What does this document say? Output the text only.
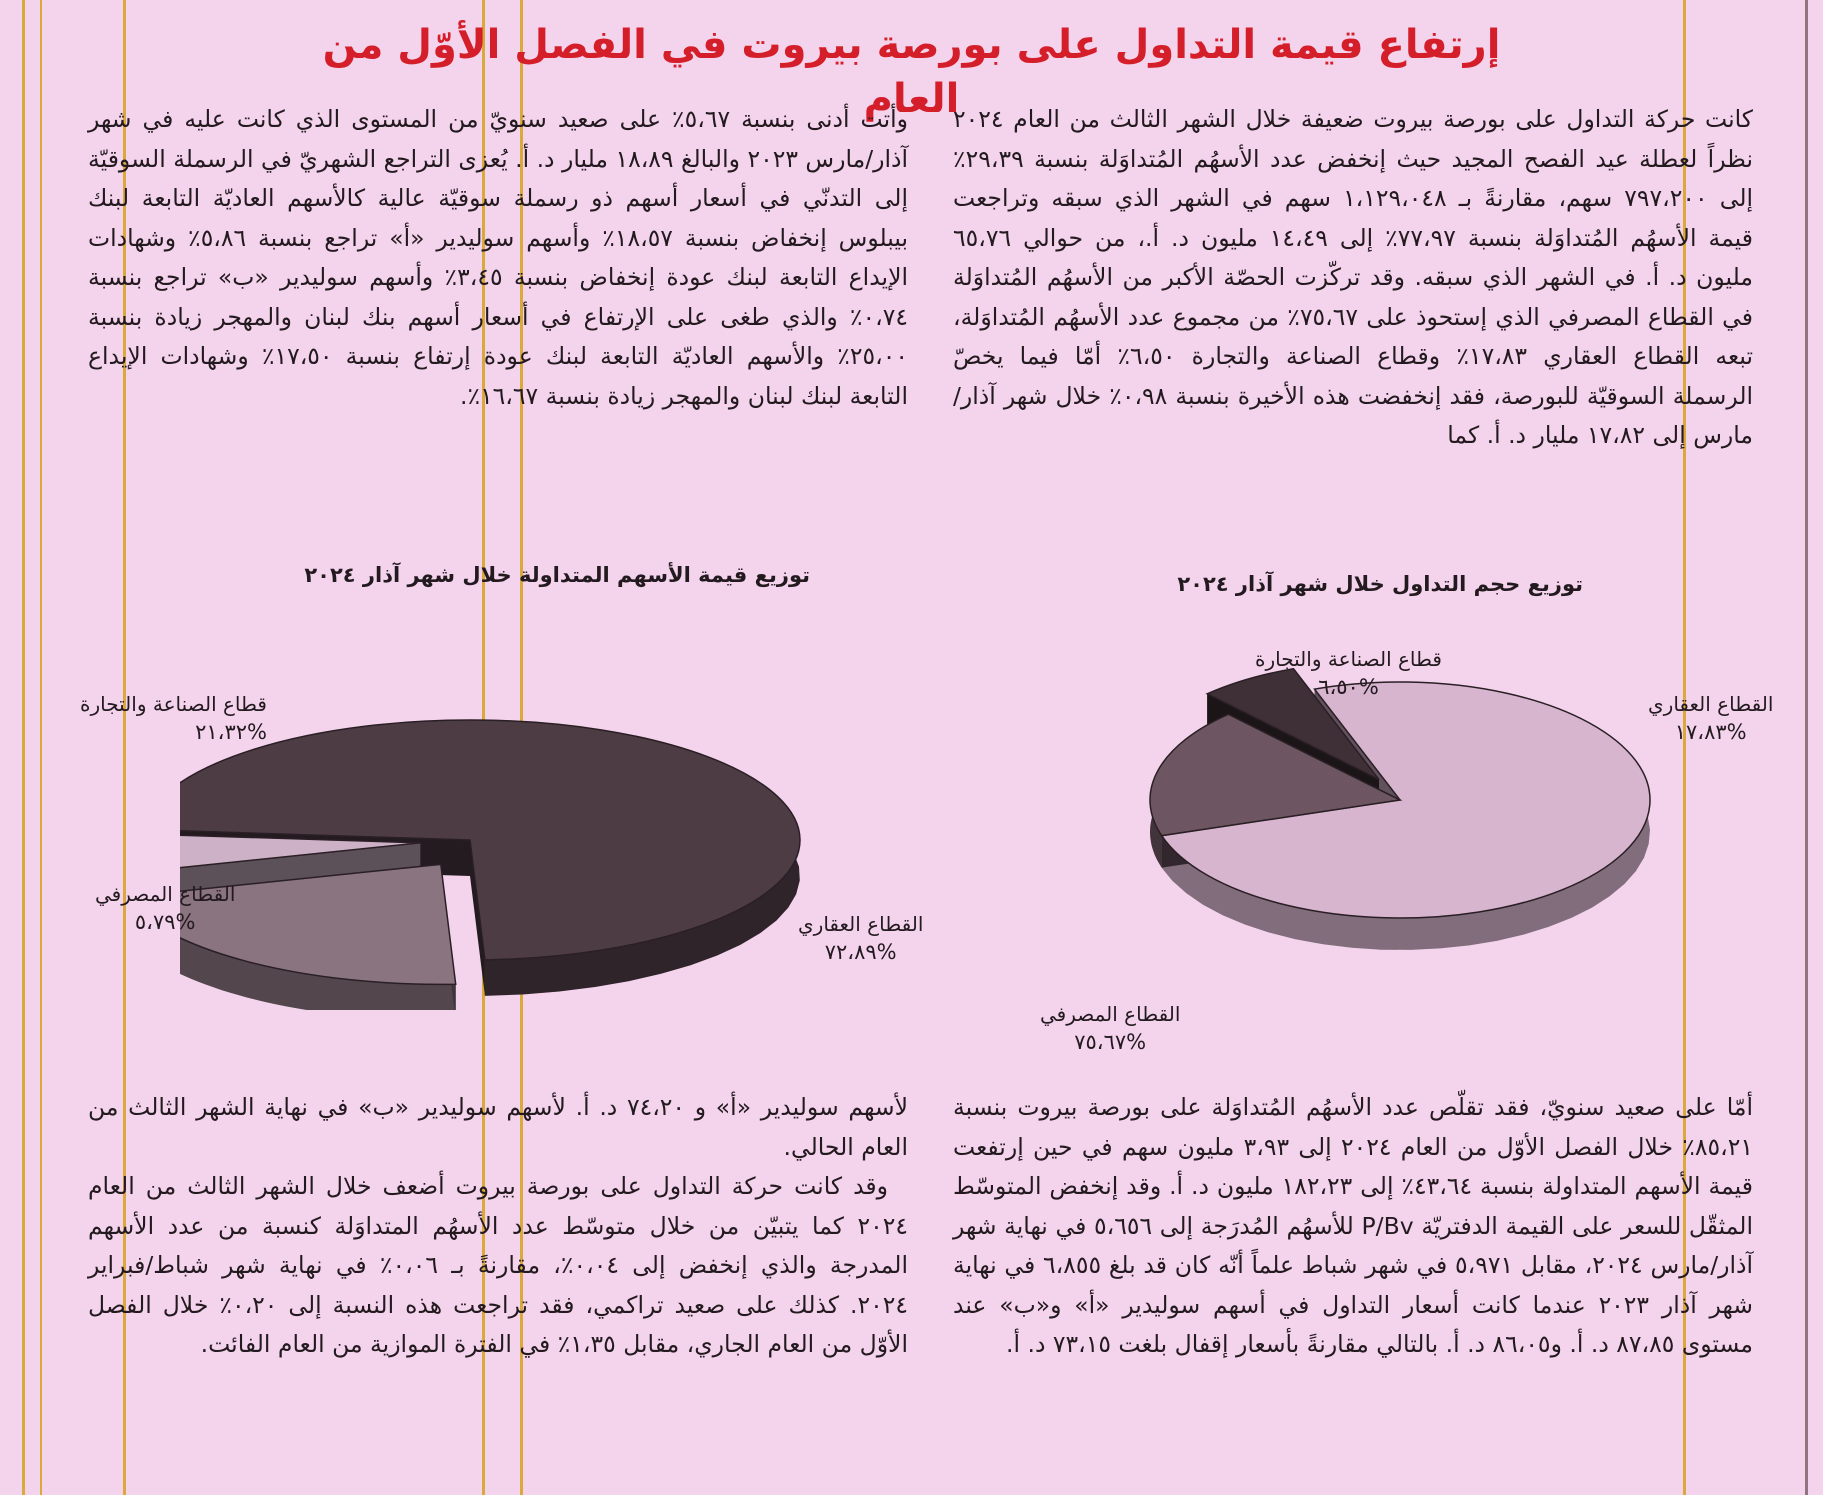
إرتفاع قيمة التداول على بورصة بيروت في الفصل الأوّل من العام

كانت حركة التداول على بورصة بيروت ضعيفة خلال الشهر الثالث من العام ٢٠٢٤ نظراً لعطلة عيد الفصح المجيد حيث إنخفض عدد الأسهُم المُتداوَلة بنسبة ٢٩،٣٩٪ إلى ٧٩٧،٢٠٠ سهم، مقارنةً بـ ١،١٢٩،٠٤٨ سهم في الشهر الذي سبقه وتراجعت قيمة الأسهُم المُتداوَلة بنسبة ٧٧،٩٧٪ إلى ١٤،٤٩ مليون د. أ.، من حوالي ٦٥،٧٦ مليون د. أ. في الشهر الذي سبقه. وقد تركّزت الحصّة الأكبر من الأسهُم المُتداوَلة في القطاع المصرفي الذي إستحوذ على ٧٥،٦٧٪ من مجموع عدد الأسهُم المُتداوَلة، تبعه القطاع العقاري ١٧،٨٣٪ وقطاع الصناعة والتجارة ٦،٥٠٪ أمّا فيما يخصّ الرسملة السوقيّة للبورصة، فقد إنخفضت هذه الأخيرة بنسبة ٠،٩٨٪ خلال شهر آذار/مارس إلى ١٧،٨٢ مليار د. أ. كما

وأتت أدنى بنسبة ٥،٦٧٪ على صعيد سنويّ من المستوى الذي كانت عليه في شهر آذار/مارس ٢٠٢٣ والبالغ ١٨،٨٩ مليار د. أ. يُعزى التراجع الشهريّ في الرسملة السوقيّة إلى التدنّي في أسعار أسهم ذو رسملة سوقيّة عالية كالأسهم العاديّة التابعة لبنك بيبلوس إنخفاض بنسبة ١٨،٥٧٪ وأسهم سوليدير «أ» تراجع بنسبة ٥،٨٦٪ وشهادات الإيداع التابعة لبنك عودة إنخفاض بنسبة ٣،٤٥٪ وأسهم سوليدير «ب» تراجع بنسبة ٠،٧٤٪ والذي طغى على الإرتفاع في أسعار أسهم بنك لبنان والمهجر زيادة بنسبة ٢٥،٠٠٪ والأسهم العاديّة التابعة لبنك عودة إرتفاع بنسبة ١٧،٥٠٪ وشهادات الإيداع التابعة لبنك لبنان والمهجر زيادة بنسبة ١٦،٦٧٪.

توزيع حجم التداول خلال شهر آذار ٢٠٢٤
القطاع المصرفي
%٧٥،٦٧
القطاع العقاري
%١٧،٨٣
قطاع الصناعة والتجارة
%٦،٥٠
توزيع قيمة الأسهم المتداولة خلال شهر آذار ٢٠٢٤
القطاع العقاري
%٧٢،٨٩
قطاع الصناعة والتجارة
%٢١،٣٢
القطاع المصرفي
%٥،٧٩

أمّا على صعيد سنويّ، فقد تقلّص عدد الأسهُم المُتداوَلة على بورصة بيروت بنسبة ٨٥،٢١٪ خلال الفصل الأوّل من العام ٢٠٢٤ إلى ٣،٩٣ مليون سهم في حين إرتفعت قيمة الأسهم المتداولة بنسبة ٤٣،٦٤٪ إلى ١٨٢،٢٣ مليون د. أ. وقد إنخفض المتوسّط المثقّل للسعر على القيمة الدفتريّة P/Bv للأسهُم المُدرَجة إلى ٥،٦٥٦ في نهاية شهر آذار/مارس ٢٠٢٤، مقابل ٥،٩٧١ في شهر شباط علماً أنّه كان قد بلغ ٦،٨٥٥ في نهاية شهر آذار ٢٠٢٣ عندما كانت أسعار التداول في أسهم سوليدير «أ» و«ب» عند مستوى ٨٧،٨٥ د. أ. و٨٦،٠٥ د. أ. بالتالي مقارنةً بأسعار إقفال بلغت ٧٣،١٥ د. أ.

لأسهم سوليدير «أ» و ٧٤،٢٠ د. أ. لأسهم سوليدير «ب» في نهاية الشهر الثالث من العام الحالي.

وقد كانت حركة التداول على بورصة بيروت أضعف خلال الشهر الثالث من العام ٢٠٢٤ كما يتبيّن من خلال متوسّط عدد الأسهُم المتداوَلة كنسبة من عدد الأسهم المدرجة والذي إنخفض إلى ٠،٠٤٪، مقارنةً بـ ٠،٠٦٪ في نهاية شهر شباط/فبراير ٢٠٢٤. كذلك على صعيد تراكمي، فقد تراجعت هذه النسبة إلى ٠،٢٠٪ خلال الفصل الأوّل من العام الجاري، مقابل ١،٣٥٪ في الفترة الموازية من العام الفائت.
